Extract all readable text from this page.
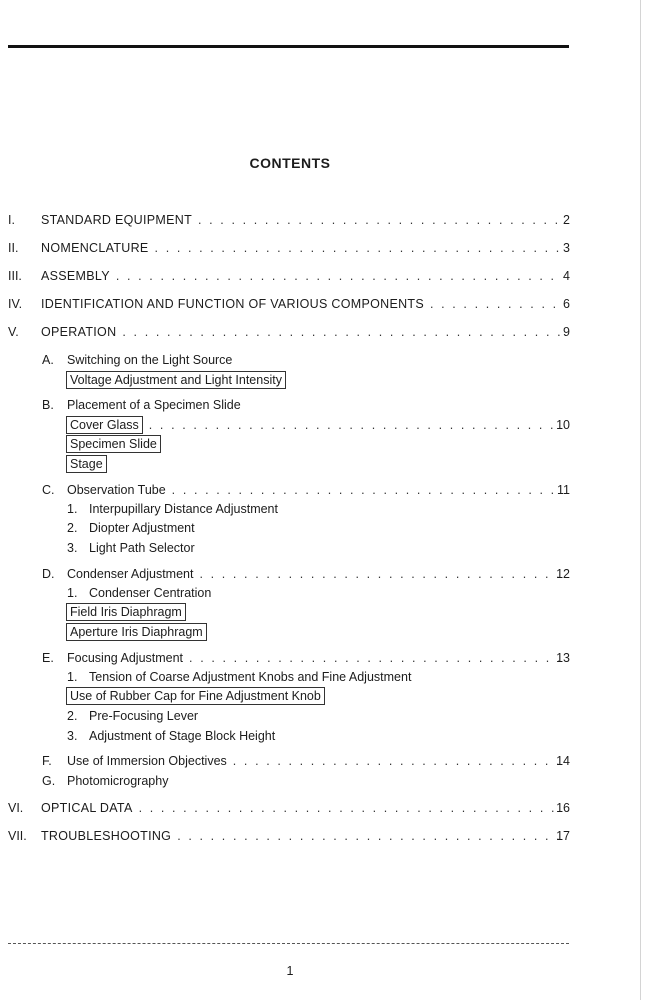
CONTENTS
I. STANDARD EQUIPMENT . . .	2
II. NOMENCLATURE . . .	3
III. ASSEMBLY . . .	4
IV. IDENTIFICATION AND FUNCTION OF VARIOUS COMPONENTS . . .	6
V. OPERATION . . .	9
A. Switching on the Light Source
Voltage Adjustment and Light Intensity
B. Placement of a Specimen Slide
Cover Glass . . .	10
Specimen Slide
Stage
C. Observation Tube . . .	11
1. Interpupillary Distance Adjustment
2. Diopter Adjustment
3. Light Path Selector
D. Condenser Adjustment . . .	12
1. Condenser Centration
Field Iris Diaphragm
Aperture Iris Diaphragm
E. Focusing Adjustment . . .	13
1. Tension of Coarse Adjustment Knobs and Fine Adjustment
Use of Rubber Cap for Fine Adjustment Knob
2. Pre-Focusing Lever
3. Adjustment of Stage Block Height
F. Use of Immersion Objectives . . .	14
G. Photomicrography
VI. OPTICAL DATA . . .	16
VII. TROUBLESHOOTING . . .	17
1
